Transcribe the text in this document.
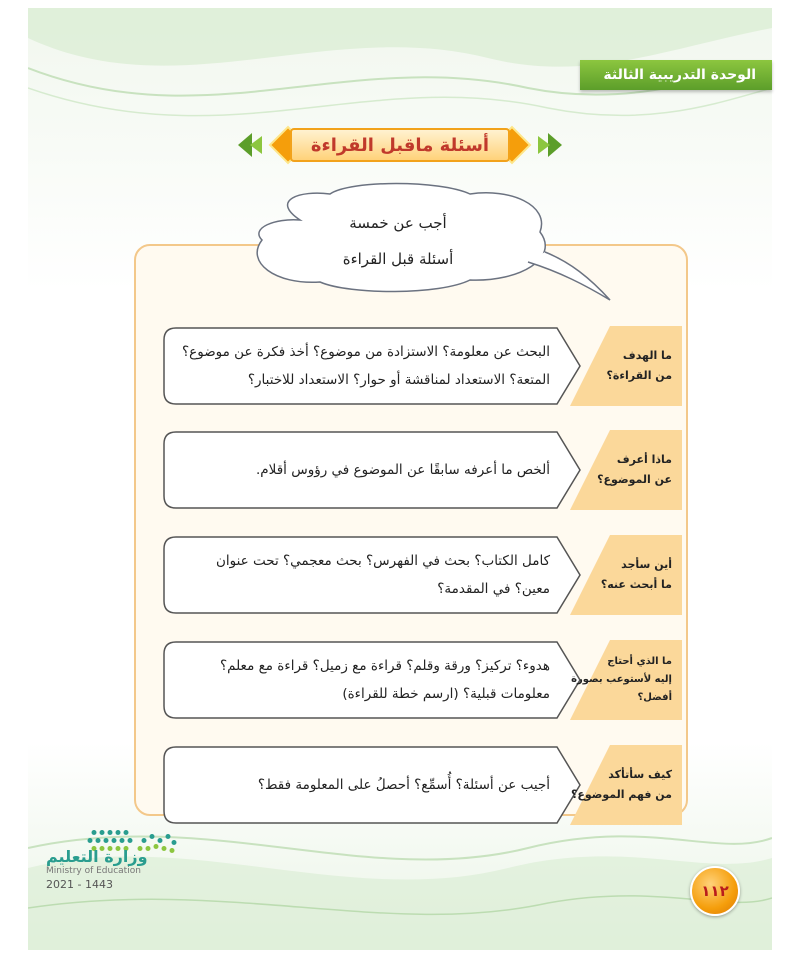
الوحدة التدريبية الثالثة
أسئلة ماقبل القراءة
أجب عن خمسة
أسئلة قبل القراءة
البحث عن معلومة؟ الاستزادة من موضوع؟ أخذ فكرة عن موضوع؟
المتعة؟ الاستعداد لمناقشة أو حوار؟ الاستعداد للاختبار؟
ما الهدف
من القراءة؟
ألخص ما أعرفه سابقًا عن الموضوع في رؤوس أقلام.
ماذا أعرف
عن الموضوع؟
كامل الكتاب؟ بحث في الفهرس؟ بحث معجمي؟ تحت عنوان
معين؟ في المقدمة؟
أين سأجد
ما أبحث عنه؟
هدوء؟ تركيز؟ ورقة وقلم؟ قراءة مع زميل؟ قراءة مع معلم؟
معلومات قبلية؟ (ارسم خطة للقراءة)
ما الذي أحتاج
إليه لأستوعب بصورة
أفضل؟
أجيب عن أسئلة؟ أُسمِّع؟ أحصلُ على المعلومة فقط؟
كيف سأتأكد
من فهم الموضوع؟
وزارة التعليم
Ministry of Education
2021 - 1443	١١٢
